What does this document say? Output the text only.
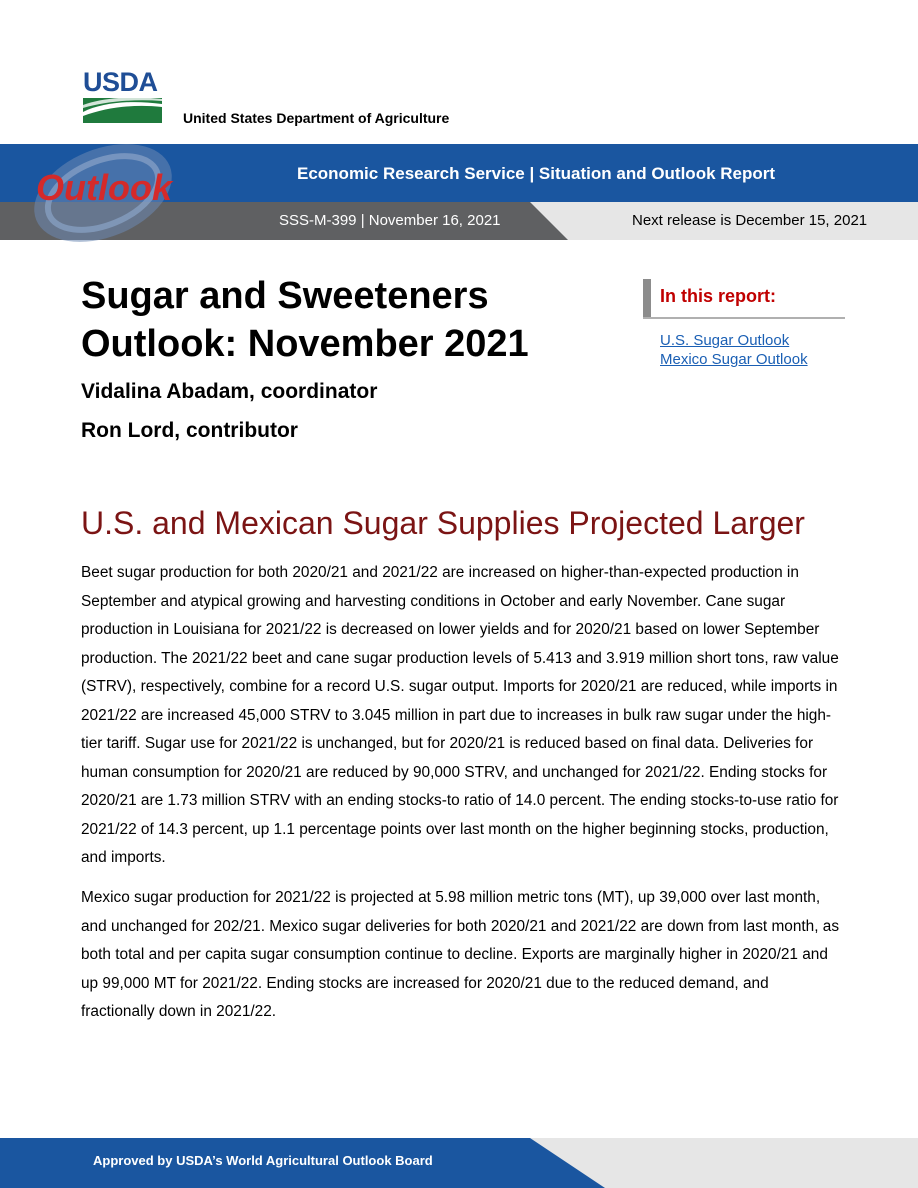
USDA
United States Department of Agriculture
Outlook	Economic Research Service | Situation and Outlook Report
SSS-M-399 | November 16, 2021	Next release is December 15, 2021
Sugar and Sweeteners Outlook: November 2021
Vidalina Abadam, coordinator
Ron Lord, contributor
In this report:
U.S. Sugar Outlook
Mexico Sugar Outlook
U.S. and Mexican Sugar Supplies Projected Larger

Beet sugar production for both 2020/21 and 2021/22 are increased on higher-than-expected production in September and atypical growing and harvesting conditions in October and early November. Cane sugar production in Louisiana for 2021/22 is decreased on lower yields and for 2020/21 based on lower September production. The 2021/22 beet and cane sugar production levels of 5.413 and 3.919 million short tons, raw value (STRV), respectively, combine for a record U.S. sugar output. Imports for 2020/21 are reduced, while imports in 2021/22 are increased 45,000 STRV to 3.045 million in part due to increases in bulk raw sugar under the high-tier tariff. Sugar use for 2021/22 is unchanged, but for 2020/21 is reduced based on final data. Deliveries for human consumption for 2020/21 are reduced by 90,000 STRV, and unchanged for 2021/22. Ending stocks for 2020/21 are 1.73 million STRV with an ending stocks-to ratio of 14.0 percent. The ending stocks-to-use ratio for 2021/22 of 14.3 percent, up 1.1 percentage points over last month on the higher beginning stocks, production, and imports.

Mexico sugar production for 2021/22 is projected at 5.98 million metric tons (MT), up 39,000 over last month, and unchanged for 202/21. Mexico sugar deliveries for both 2020/21 and 2021/22 are down from last month, as both total and per capita sugar consumption continue to decline. Exports are marginally higher in 2020/21 and up 99,000 MT for 2021/22. Ending stocks are increased for 2020/21 due to the reduced demand, and fractionally down in 2021/22.

Approved by USDA’s World Agricultural Outlook Board
